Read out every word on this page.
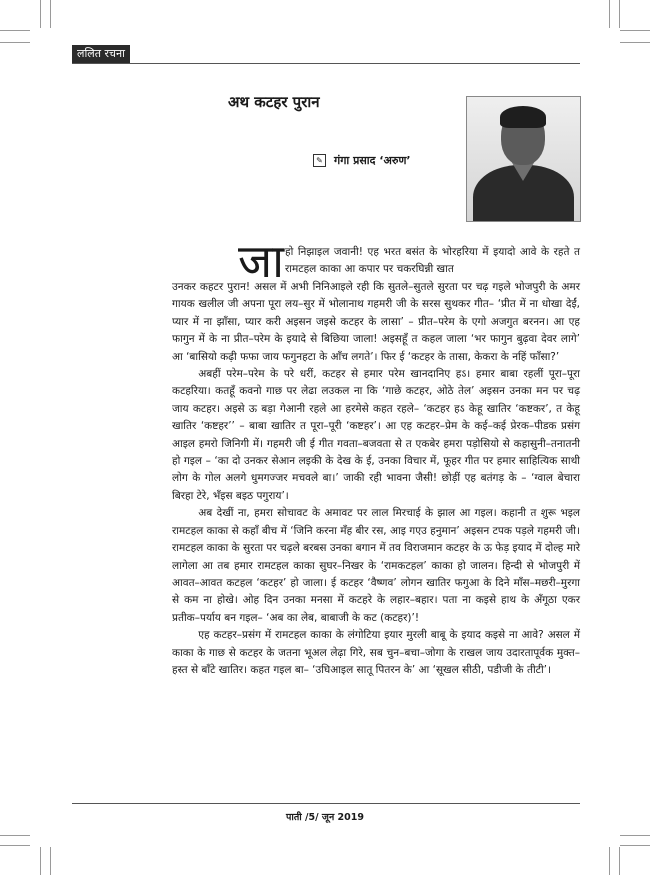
ललित रचना
अथ कटहर पुरान
✎ गंगा प्रसाद ‘अरुण’
जा हो निझाइल जवानी! एह भरत बसंत के भोरहरिया में इयादो आवे के रहते त रामटहल काका आ कपार पर चकरघिन्नी खात

उनकर कहटर पुरान! असल में अभी निनिआइले रही कि सुतले–सुतले सुरता पर चढ़ गइले भोजपुरी के अमर गायक खलील जी अपना पूरा लय–सुर में भोलानाथ गहमरी जी के सरस सुथकर गीत– ‘प्रीत में ना धोखा देईं, प्यार में ना झाँसा, प्यार करी अइसन जइसे कटहर के लासा’ – प्रीत–परेम के एगो अजगुत बरनन। आ एह फागुन में के ना प्रीत–परेम के इयादे से बिछिया जाला! अइसहूँ त कहल जाला ‘भर फागुन बुढ़वा देवर लागे’ आ ‘बासियो कढ़ी फफा जाय फगुनहटा के आँच लगते’। फिर ई ‘कटहर के तासा, केकरा के नहिं फाँसा?’

अबहीं परेम–परेम के परे धरीं, कटहर से हमार परेम खानदानिए हऽ। हमार बाबा रहलीं पूरा–पूरा कटहरिया। कतहूँ कवनो गाछ पर लेढा लउकल ना कि ‘गाछे कटहर, ओठे तेल’ अइसन उनका मन पर चढ़ जाय कटहर। अइसे ऊ बड़ा गेआनी रहले आ हरमेसे कहत रहले– ‘कटहर हऽ केहू खातिर ‘कष्टकर’, त केहू खातिर ‘कष्टहर’’ – बाबा खातिर त पूरा–पूरी ‘कष्टहर’। आ एह कटहर–प्रेम के कई–कई प्रेरक–पीडक प्रसंग आइल हमरो जिनिगी में। गहमरी जी ई गीत गवता–बजवता से त एकबेर हमरा पड़ोसियो से कहासुनी–तनातनी हो गइल – ‘का दो उनकर सेआन लइकी के देख के ई, उनका विचार में, फूहर गीत पर हमार साहित्यिक साथी लोग के गोल अलगे धुमगज्जर मचवले बा।’ जाकी रही भावना जैसी! छोड़ीं एह बतंगड़ के – ‘ग्वाल बेचारा बिरहा टेरे, भँइस बइठ पगुराय’।

अब देखीं ना, हमरा सोचावट के अमावट पर लाल मिरचाई के झाल आ गइल। कहानी त शुरू भइल रामटहल काका से कहाँ बीच में ‘जिनि करना मँह बीर रस, आइ गएउ हनुमान’ अइसन टपक पड़ले गहमरी जी। रामटहल काका के सुरता पर चढ़ले बरबस उनका बगान में तव विराजमान कटहर के ऊ फेड़ इयाद में दोल्ह मारे लागेला आ तब हमार रामटहल काका सुघर–निखर के ‘रामकटहल’ काका हो जालन। हिन्दी से भोजपुरी में आवत–आवत कटहल ‘कटहर’ हो जाला। ई कटहर ‘वैष्णव’ लोगन खातिर फगुआ के दिने माँस–मछरी–मुरगा से कम ना होखे। ओह दिन उनका मनसा में कटहरे के लहार–बहार। पता ना कइसे हाथ के अँगूठा एकर प्रतीक–पर्याय बन गइल– ‘अब का लेब, बाबाजी के कट (कटहर)’!

एह कटहर–प्रसंग में रामटहल काका के लंगोटिया इयार मुरली बाबू के इयाद कइसे ना आवे? असल में काका के गाछ से कटहर के जतना भूअल लेढ़ा गिरे, सब चुन–बचा–जोगा के राखल जाय उदारतापूर्वक मुक्त–हस्त से बाँटे खातिर। कहत गइल बा– ‘उघिआइल सातू पितरन के’ आ ‘सूखल सीठी, पडीजी के तीटी’।

पाती /5/ जून 2019
